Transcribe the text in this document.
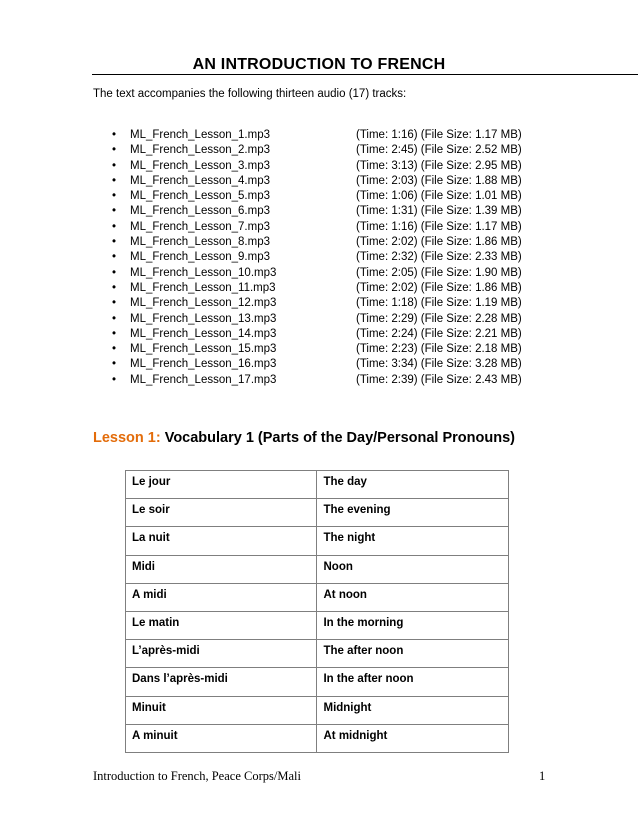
AN INTRODUCTION TO FRENCH
The text accompanies the following thirteen audio (17) tracks:
•	ML_French_Lesson_1.mp3	(Time: 1:16) (File Size: 1.17 MB)
•	ML_French_Lesson_2.mp3	(Time: 2:45) (File Size: 2.52 MB)
•	ML_French_Lesson_3.mp3	(Time: 3:13) (File Size: 2.95 MB)
•	ML_French_Lesson_4.mp3	(Time: 2:03) (File Size: 1.88 MB)
•	ML_French_Lesson_5.mp3	(Time: 1:06) (File Size: 1.01 MB)
•	ML_French_Lesson_6.mp3	(Time: 1:31) (File Size: 1.39 MB)
•	ML_French_Lesson_7.mp3	(Time: 1:16) (File Size: 1.17 MB)
•	ML_French_Lesson_8.mp3	(Time: 2:02) (File Size: 1.86 MB)
•	ML_French_Lesson_9.mp3	(Time: 2:32) (File Size: 2.33 MB)
•	ML_French_Lesson_10.mp3	(Time: 2:05) (File Size: 1.90 MB)
•	ML_French_Lesson_11.mp3	(Time: 2:02) (File Size: 1.86 MB)
•	ML_French_Lesson_12.mp3	(Time: 1:18) (File Size: 1.19 MB)
•	ML_French_Lesson_13.mp3	(Time: 2:29) (File Size: 2.28 MB)
•	ML_French_Lesson_14.mp3	(Time: 2:24) (File Size: 2.21 MB)
•	ML_French_Lesson_15.mp3	(Time: 2:23) (File Size: 2.18 MB)
•	ML_French_Lesson_16.mp3	(Time: 3:34) (File Size: 3.28 MB)
•	ML_French_Lesson_17.mp3	(Time: 2:39) (File Size: 2.43 MB)
Lesson 1: Vocabulary 1 (Parts of the Day/Personal Pronouns)
Le jour	The day
Le soir	The evening
La nuit	The night
Midi	Noon
A midi	At noon
Le matin	In the morning
L’après-midi	The after noon
Dans l’après-midi	In the after noon
Minuit	Midnight
A minuit	At midnight
Introduction to French, Peace Corps/Mali	1
